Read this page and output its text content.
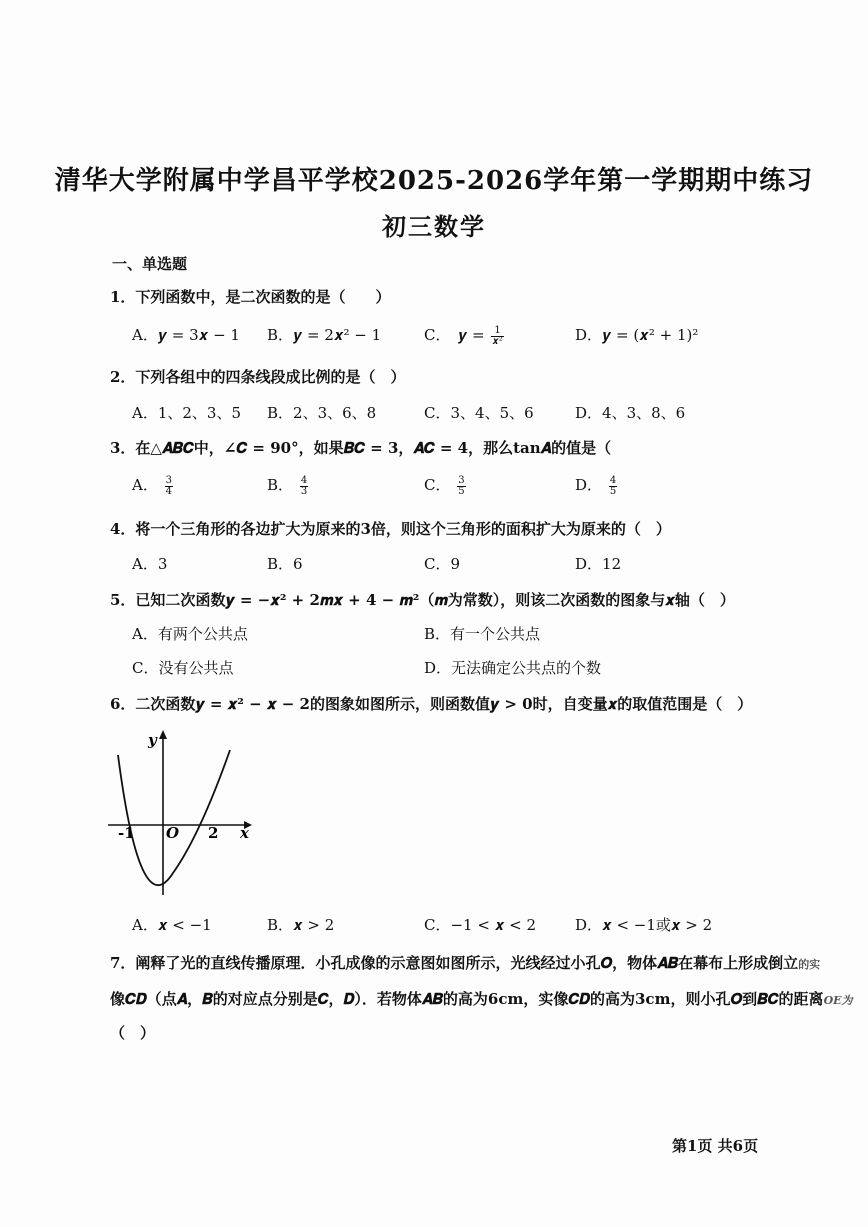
清华大学附属中学昌平学校2025-2026学年第一学期期中练习
初三数学
一、单选题
1．下列函数中，是二次函数的是（　　）
A．𝒚 = 3𝒙 − 1 B．𝒚 = 2𝒙² − 1	C．　𝒚 = $\frac{1}{\text{𝒙²}}$	D．𝒚 = (𝒙² + 1)²
2．下列各组中的四条线段成比例的是（　）
A．1、2、3、5 B．2、3、6、8	C．3、4、5、6	D．4、3、8、6
3．在△𝑨𝑩𝑪中，∠𝑪 = 90°，如果𝑩𝑪 = 3，𝑨𝑪 = 4，那么tan𝑨的值是（
A． $\frac{3}{4}$	B． $\frac{4}{3}$	C． $\frac{3}{5}$	D． $\frac{4}{5}$
4．将一个三角形的各边扩大为原来的3倍，则这个三角形的面积扩大为原来的（　）
A．3	B．6	C．9	D．12
5．已知二次函数𝒚 = −𝒙² + 2𝒎𝒙 + 4 − 𝒎²（𝒎为常数），则该二次函数的图象与𝒙轴（　）
A．有两个公共点	B．有一个公共点
C．没有公共点	D．无法确定公共点的个数
6．二次函数𝒚 = 𝒙² − 𝒙 − 2的图象如图所示，则函数值𝒚 > 0时，自变量𝒙的取值范围是（　）
y
x
O
-1	2
A．𝒙 < −1	B．𝒙 > 2	C．−1 < 𝒙 < 2	D．𝒙 < −1或𝒙 > 2
7．阐释了光的直线传播原理．小孔成像的示意图如图所示，光线经过小孔𝑶，物体𝑨𝑩在幕布上形成倒立的实
像𝑪𝑫（点𝑨，𝑩的对应点分别是𝑪，𝑫）．若物体𝑨𝑩的高为6cm，实像𝑪𝑫的高为3cm，则小孔𝑶到𝑩𝑪的距离OE为
（　）
第1页 共6页
